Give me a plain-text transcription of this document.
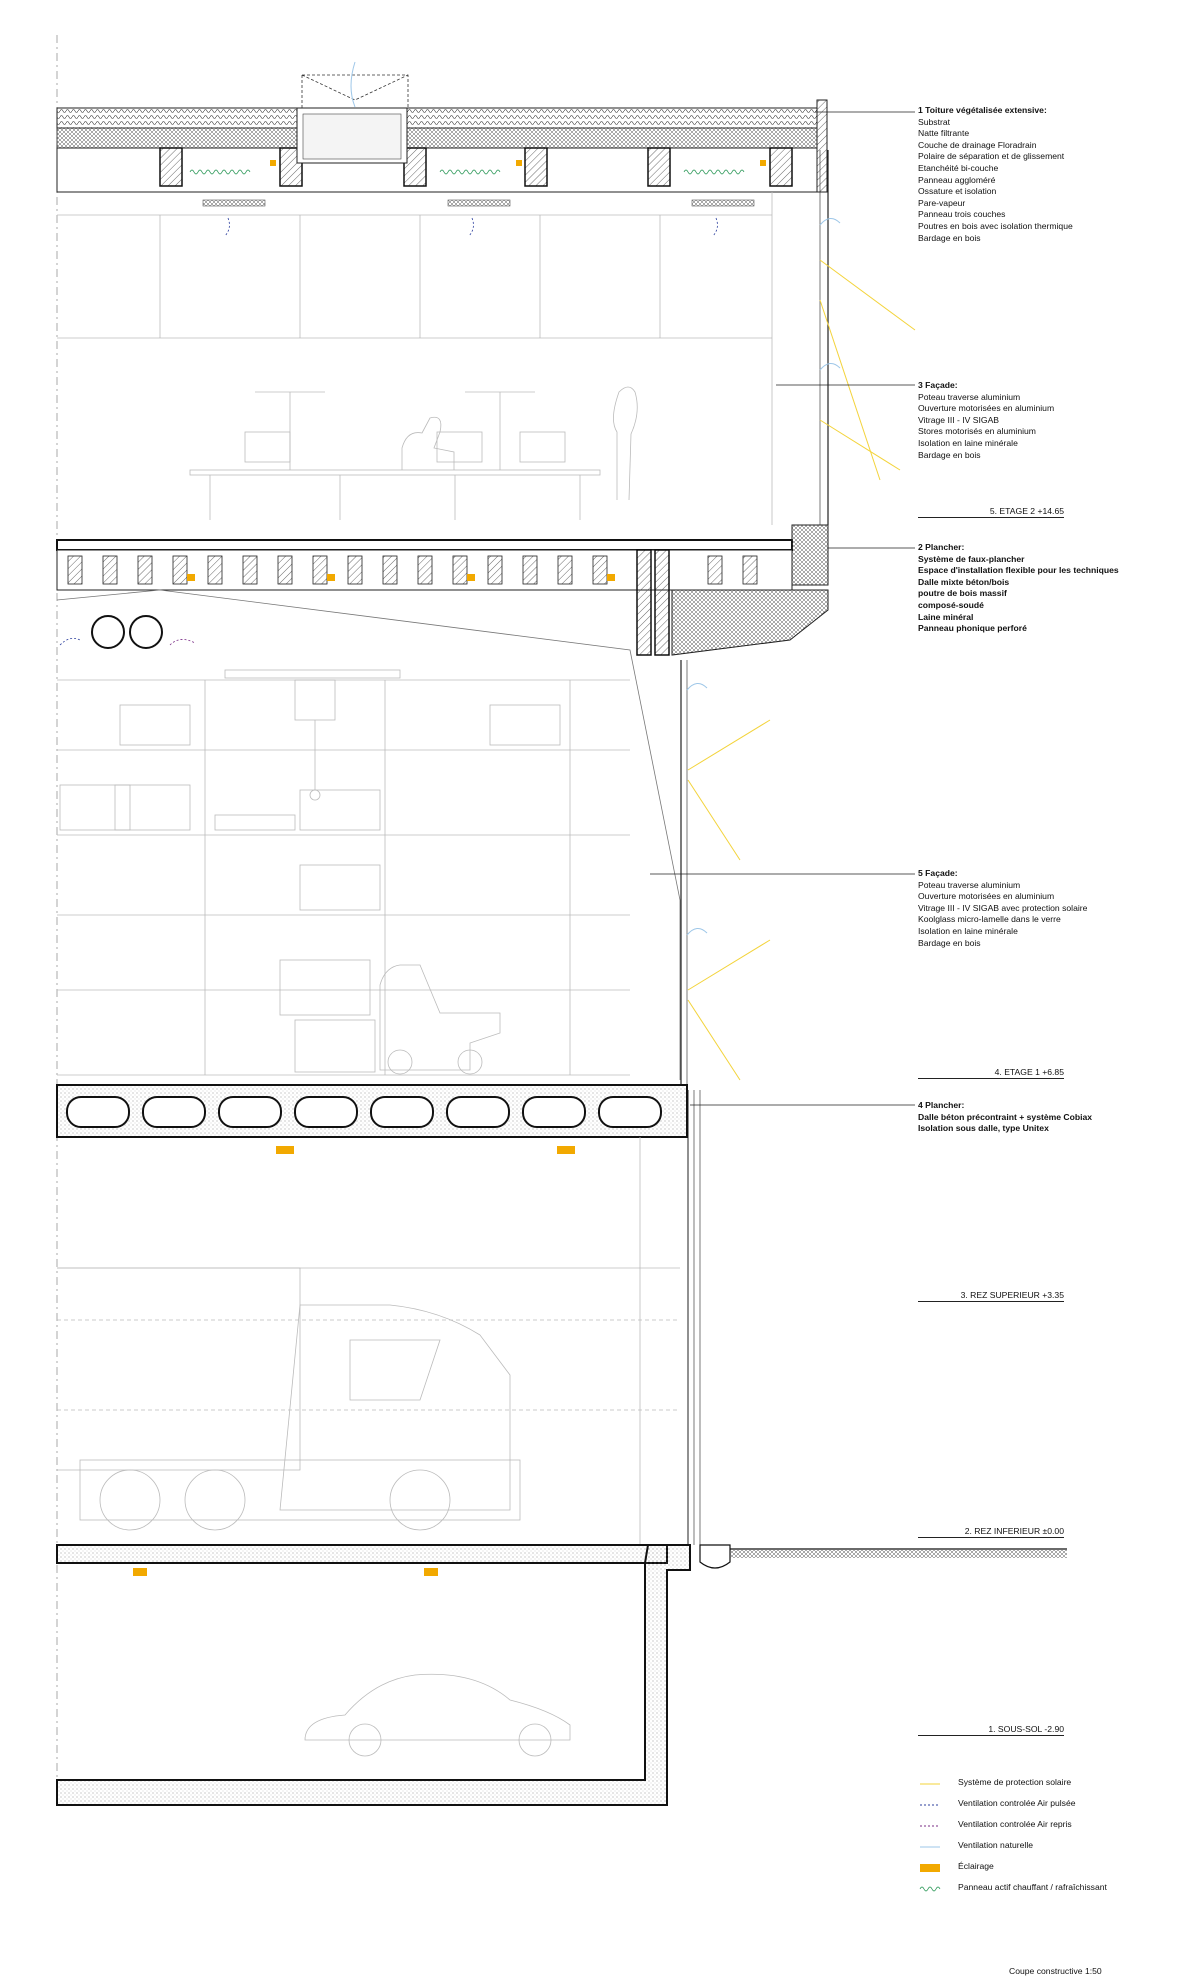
1 Toiture végétalisée extensive:
Substrat
Natte filtrante
Couche de drainage Floradrain
Polaire de séparation et de glissement
Etanchéité bi-couche
Panneau aggloméré
Ossature et isolation
Pare-vapeur
Panneau trois couches
Poutres en bois avec isolation thermique
Bardage en bois
3 Façade:
Poteau traverse aluminium
Ouverture motorisées en aluminium
Vitrage III - IV SIGAB
Stores motorisés en aluminium
Isolation en laine minérale
Bardage en bois
2 Plancher:
Système de faux-plancher
Espace d'installation flexible pour les techniques
Dalle mixte béton/bois
poutre de bois massif
composé-soudé
Laine minéral
Panneau phonique perforé
5 Façade:
Poteau traverse aluminium
Ouverture motorisées en aluminium
Vitrage III - IV SIGAB avec protection solaire
Koolglass micro-lamelle dans le verre
Isolation en laine minérale
Bardage en bois
4 Plancher:
Dalle béton précontraint + système Cobiax
Isolation sous dalle, type Unitex
5. ETAGE 2 +14.65
4. ETAGE 1 +6.85
3. REZ SUPERIEUR +3.35
2. REZ INFERIEUR ±0.00
1. SOUS-SOL -2.90
Système de protection solaire
Ventilation controlée Air pulsée
Ventilation controlée Air repris
Ventilation naturelle
Éclairage
Panneau actif chauffant / rafraîchissant
Coupe constructive 1:50
